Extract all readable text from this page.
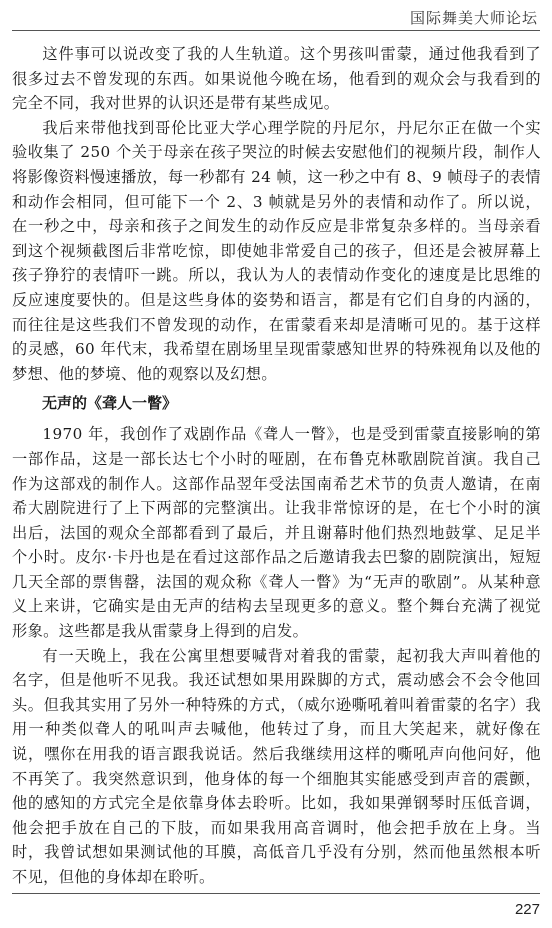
国际舞美大师论坛

这件事可以说改变了我的人生轨道。这个男孩叫雷蒙，通过他我看到了很多过去不曾发现的东西。如果说他今晚在场，他看到的观众会与我看到的完全不同，我对世界的认识还是带有某些成见。

我后来带他找到哥伦比亚大学心理学院的丹尼尔，丹尼尔正在做一个实验收集了 250 个关于母亲在孩子哭泣的时候去安慰他们的视频片段，制作人将影像资料慢速播放，每一秒都有 24 帧，这一秒之中有 8、9 帧母子的表情和动作会相同，但可能下一个 2、3 帧就是另外的表情和动作了。所以说，在一秒之中，母亲和孩子之间发生的动作反应是非常复杂多样的。当母亲看到这个视频截图后非常吃惊，即使她非常爱自己的孩子，但还是会被屏幕上孩子狰狞的表情吓一跳。所以，我认为人的表情动作变化的速度是比思维的反应速度要快的。但是这些身体的姿势和语言，都是有它们自身的内涵的，而往往是这些我们不曾发现的动作，在雷蒙看来却是清晰可见的。基于这样的灵感，60 年代末，我希望在剧场里呈现雷蒙感知世界的特殊视角以及他的梦想、他的梦境、他的观察以及幻想。

无声的《聋人一瞥》

1970 年，我创作了戏剧作品《聋人一瞥》，也是受到雷蒙直接影响的第一部作品，这是一部长达七个小时的哑剧，在布鲁克林歌剧院首演。我自己作为这部戏的制作人。这部作品翌年受法国南希艺术节的负责人邀请，在南希大剧院进行了上下两部的完整演出。让我非常惊讶的是，在七个小时的演出后，法国的观众全部都看到了最后，并且谢幕时他们热烈地鼓掌、足足半个小时。皮尔·卡丹也是在看过这部作品之后邀请我去巴黎的剧院演出，短短几天全部的票售罄，法国的观众称《聋人一瞥》为“无声的歌剧”。从某种意义上来讲，它确实是由无声的结构去呈现更多的意义。整个舞台充满了视觉形象。这些都是我从雷蒙身上得到的启发。

有一天晚上，我在公寓里想要喊背对着我的雷蒙，起初我大声叫着他的名字，但是他听不见我。我还试想如果用跺脚的方式，震动感会不会令他回头。但我其实用了另外一种特殊的方式，（威尔逊嘶吼着叫着雷蒙的名字）我用一种类似聋人的吼叫声去喊他，他转过了身，而且大笑起来，就好像在说，嘿你在用我的语言跟我说话。然后我继续用这样的嘶吼声向他问好，他不再笑了。我突然意识到，他身体的每一个细胞其实能感受到声音的震颤，他的感知的方式完全是依靠身体去聆听。比如，我如果弹钢琴时压低音调，他会把手放在自己的下肢，而如果我用高音调时，他会把手放在上身。当时，我曾试想如果测试他的耳膜，高低音几乎没有分别，然而他虽然根本听不见，但他的身体却在聆听。

227
